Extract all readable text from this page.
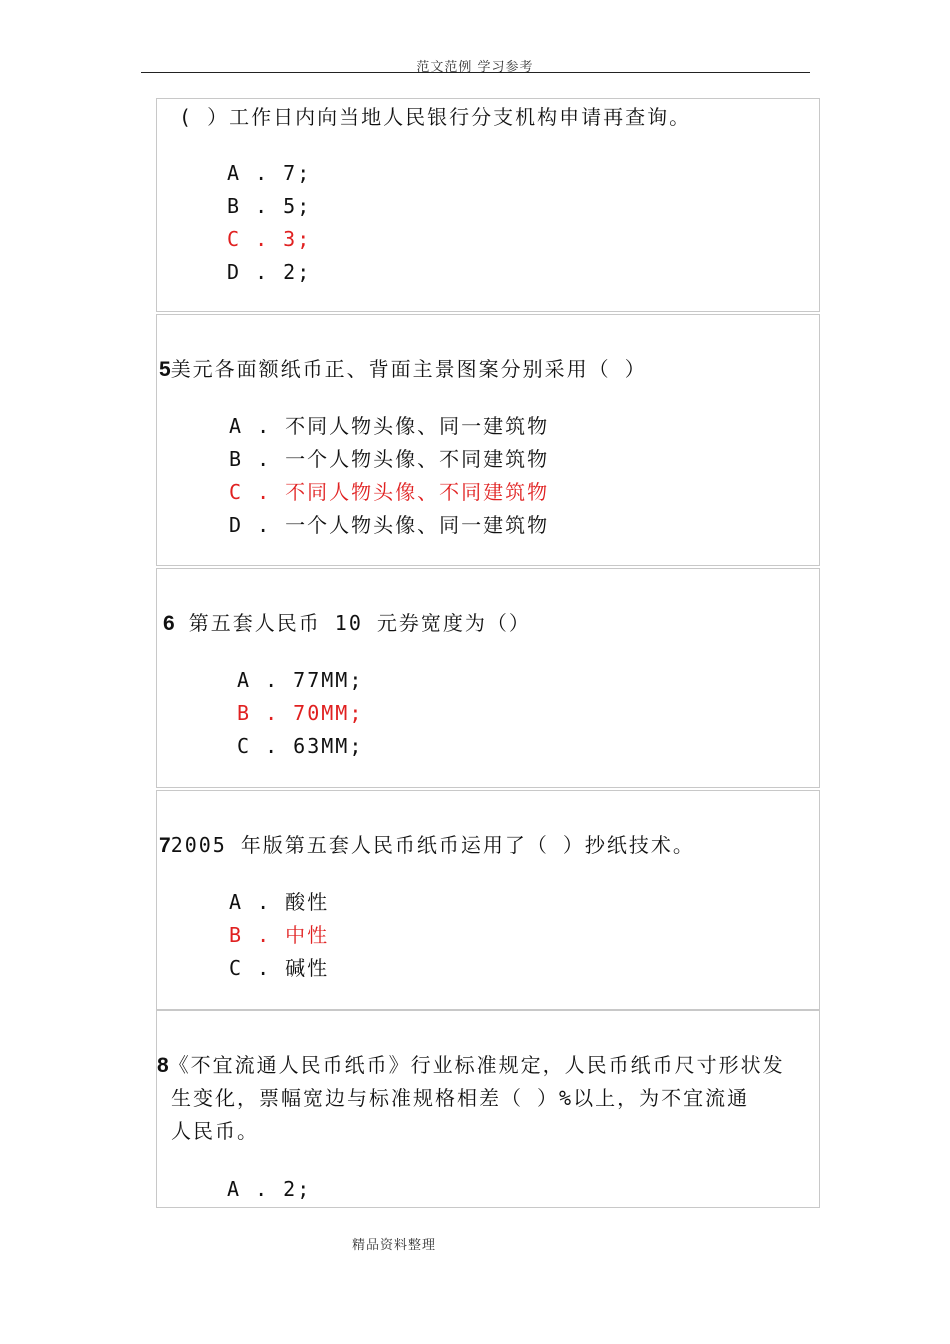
范文范例 学习参考
( ）工作日内向当地人民银行分支机构申请再查询。
A . 7;
B . 5;
C . 3;
D . 2;
5美元各面额纸币正、背面主景图案分别采用（ ）
A . 不同人物头像、同一建筑物
B . 一个人物头像、不同建筑物
C . 不同人物头像、不同建筑物
D . 一个人物头像、同一建筑物
6 第五套人民币 10 元券宽度为（）
A . 77MM;
B . 70MM;
C . 63MM;
72005 年版第五套人民币纸币运用了（ ）抄纸技术。
A . 酸性
B . 中性
C . 碱性
8《不宜流通人民币纸币》行业标准规定，人民币纸币尺寸形状发
生变化，票幅宽边与标准规格相差（ ）%以上，为不宜流通
人民币。
A . 2;
精品资料整理
